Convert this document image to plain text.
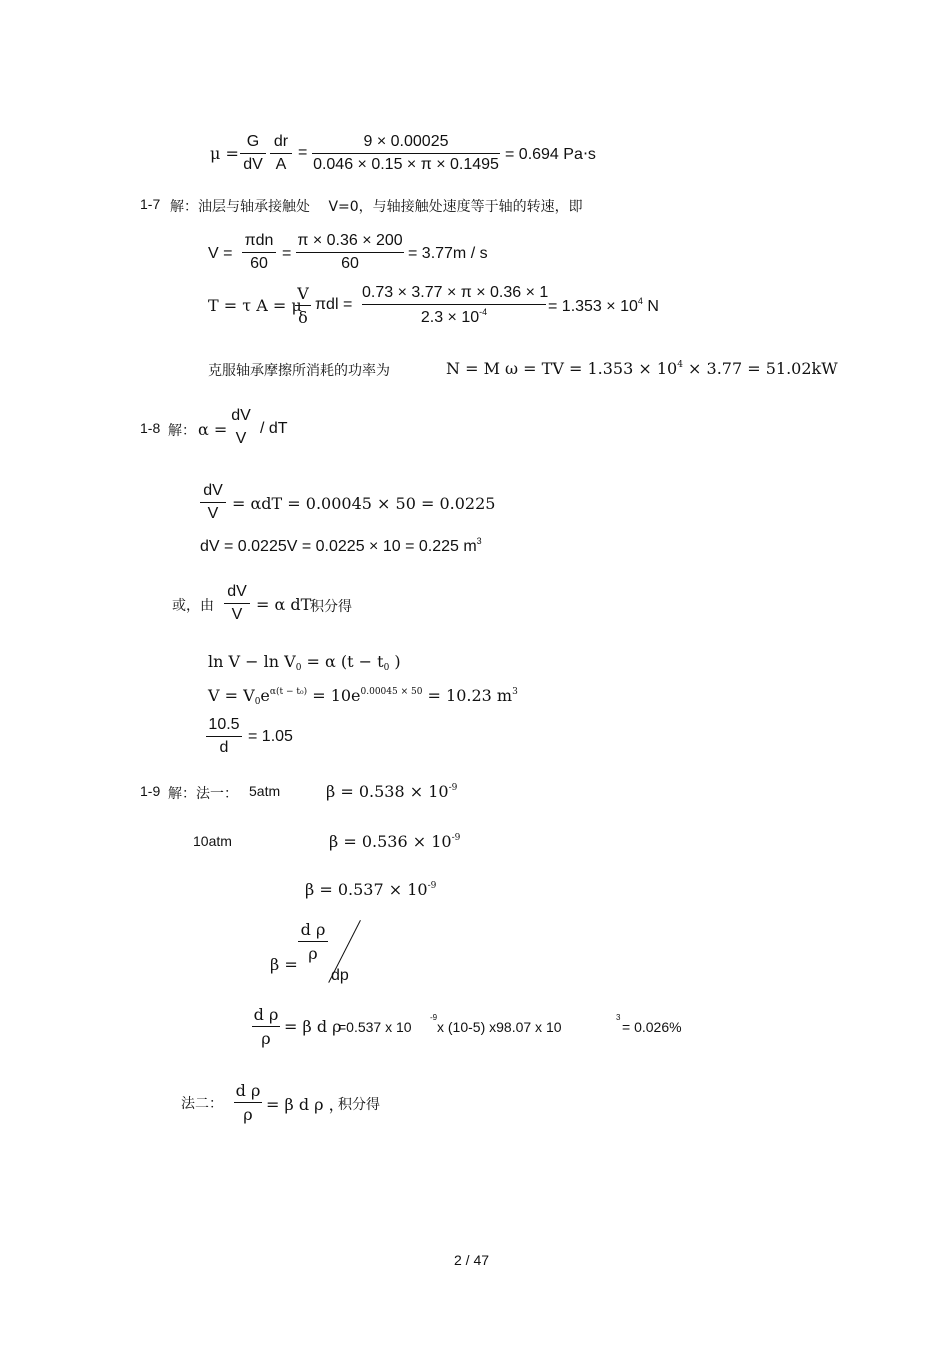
μ =
G
dV
dr
A
=
9 × 0.00025
0.046 × 0.15 × π × 0.1495
= 0.694 Pa⋅s
1-7 解：油层与轴承接触处　 V=0，与轴接触处速度等于轴的转速，即
V =
πdn
60
=
π × 0.36 × 200
60
= 3.77m / s
T = τ A = μ
V
δ
πdl =
0.73 × 3.77 × π × 0.36 × 1
$2.3 \times 10^{-4}$	= $1.353 \times 10^4$ N
克服轴承摩擦所消耗的功率为	N = M ω = TV = $1.353 \times 10^4 \times 3.77 = 51.02kW$
1-8 解： α =
dV
V
/ dT
dV
V
= αdT = 0.00045 × 50 = 0.0225
dV = 0.0225V = 0.0225 × 10 = 0.225 $m^3$
或，由
dV
V
= α dT
积分得
$\ln V - \ln V_0 = \alpha$ ($t - t_0$ )
$V = V_0e^{\alpha(t - t_0)} = 10e^{0.00045 \times 50} = 10.23$ $m^3$
10.5
d
= 1.05
1-9 解：法一： 5atm	$\beta = 0.538 \times 10^{-9}$
10atm	$\beta = 0.536 \times 10^{-9}$
$\beta = 0.537 \times 10^{-9}$
β =
d ρ
ρ
dp
d ρ
ρ
= β d ρ
=0.537 x 10
-9
x (10-5) x98.07 x 10
3
= 0.026%
法二：
d ρ
ρ
= β d ρ ，
积分得
2 / 47
